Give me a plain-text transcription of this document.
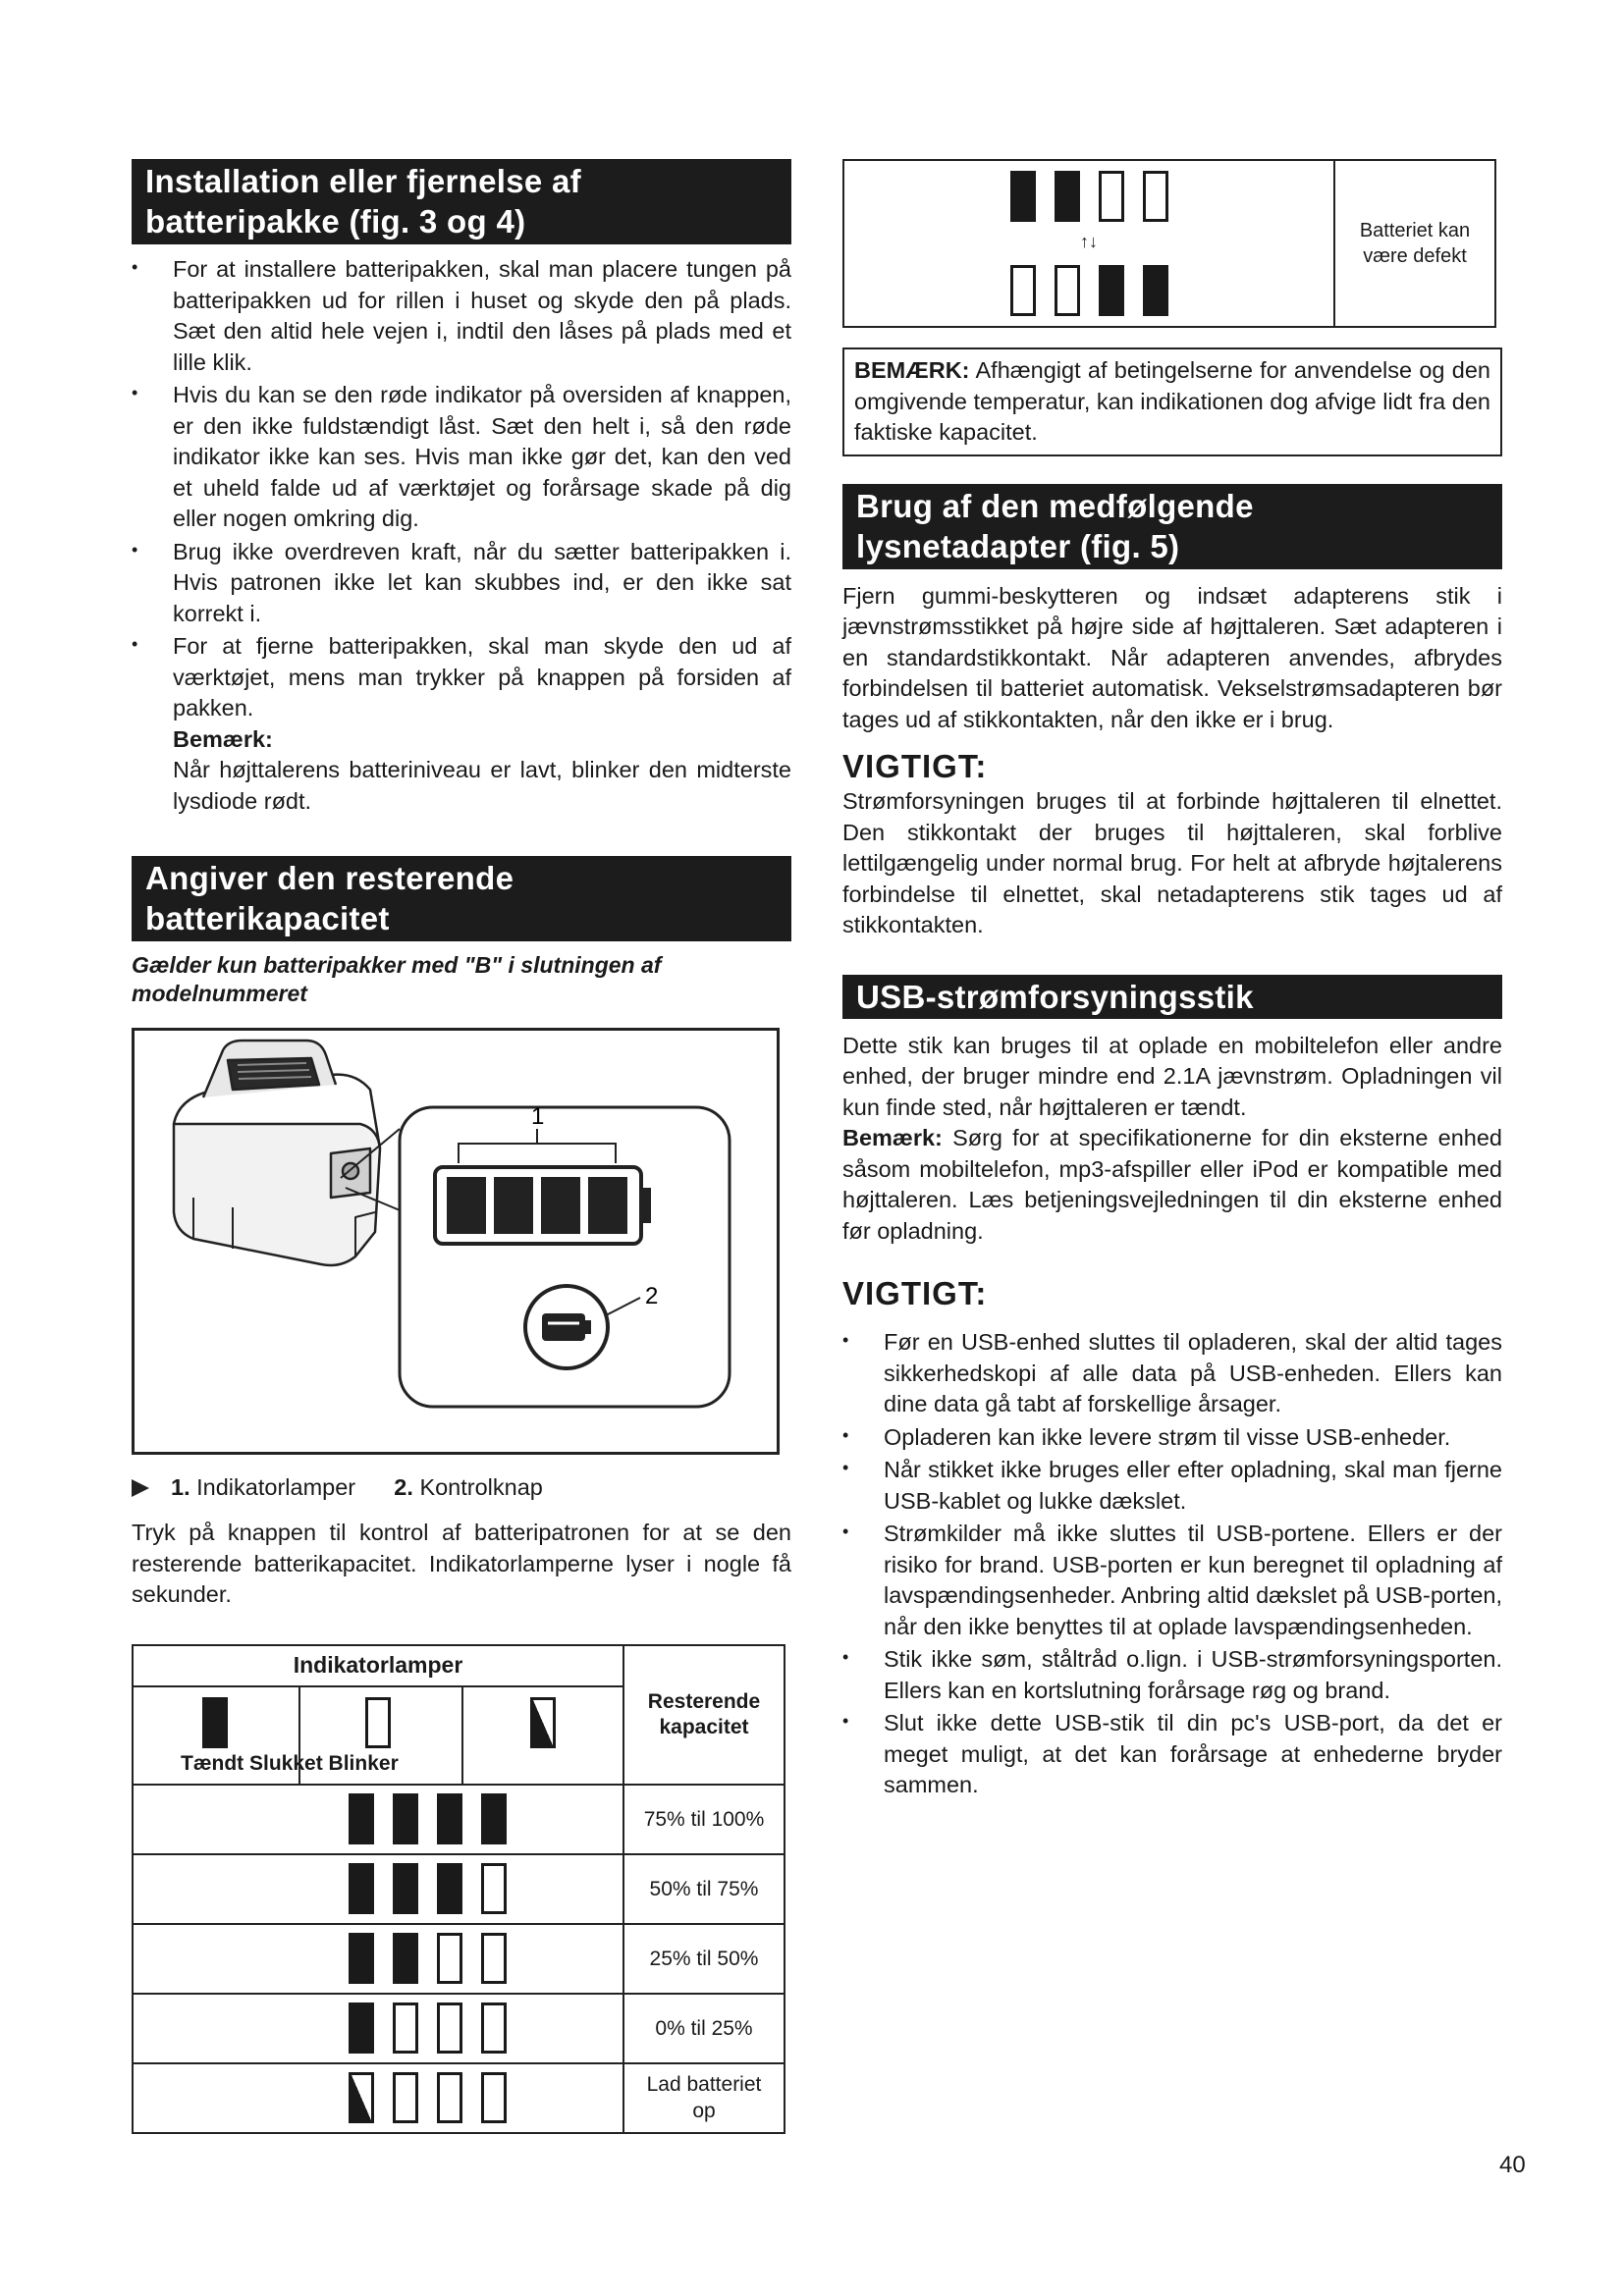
Installation eller fjernelse af
batteripakke (fig. 3 og 4)
• For at installere batteripakken, skal man placere tungen på batteripakken ud for rillen i huset og skyde den på plads. Sæt den altid hele vejen i, indtil den låses på plads med et lille klik.
• Hvis du kan se den røde indikator på oversiden af knappen, er den ikke fuldstændigt låst. Sæt den helt i, så den røde indikator ikke kan ses. Hvis man ikke gør det, kan den ved et uheld falde ud af værktøjet og forårsage skade på dig eller nogen omkring dig.
• Brug ikke overdreven kraft, når du sætter batteripakken i. Hvis patronen ikke let kan skubbes ind, er den ikke sat korrekt i.
• For at fjerne batteripakken, skal man skyde den ud af værktøjet, mens man trykker på knappen på forsiden af pakken.
Bemærk:
Når højttalerens batteriniveau er lavt, blinker den midterste lysdiode rødt.
Angiver den resterende
batterikapacitet
Gælder kun batteripakker med "B" i slutningen af modelnummeret
1
2
1. Indikatorlamper 2. Kontrolknap
Tryk på knappen til kontrol af batteripatronen for at se den resterende batterikapacitet. Indikatorlamperne lyser i nogle få sekunder.
Indikatorlamper	Resterende kapacitet

Tændt Slukket Blinker	

	75% til 100%

	50% til 75%

	25% til 50%

	0% til 25%

	Lad batteriet op
↑↓	Batteriet kan være defekt
BEMÆRK: Afhængigt af betingelserne for anvendelse og den omgivende temperatur, kan indikationen dog afvige lidt fra den faktiske kapacitet.
Brug af den medfølgende
lysnetadapter (fig. 5)
Fjern gummi-beskytteren og indsæt adapterens stik i jævnstrømsstikket på højre side af højttaleren. Sæt adapteren i en standardstikkontakt. Når adapteren anvendes, afbrydes forbindelsen til batteriet automatisk. Vekselstrømsadapteren bør tages ud af stikkontakten, når den ikke er i brug.
VIGTIGT:
Strømforsyningen bruges til at forbinde højttaleren til elnettet. Den stikkontakt der bruges til højttaleren, skal forblive lettilgængelig under normal brug. For helt at afbryde højtalerens forbindelse til elnettet, skal netadapterens stik tages ud af stikkontakten.
USB-strømforsyningsstik
Dette stik kan bruges til at oplade en mobiltelefon eller andre enhed, der bruger mindre end 2.1A jævnstrøm. Opladningen vil kun finde sted, når højttaleren er tændt.
Bemærk: Sørg for at specifikationerne for din eksterne enhed såsom mobiltelefon, mp3-afspiller eller iPod er kompatible med højttaleren. Læs betjeningsvejledningen til din eksterne enhed før opladning.
VIGTIGT:
• Før en USB-enhed sluttes til opladeren, skal der altid tages sikkerhedskopi af alle data på USB-enheden. Ellers kan dine data gå tabt af forskellige årsager.
• Opladeren kan ikke levere strøm til visse USB-enheder.
• Når stikket ikke bruges eller efter opladning, skal man fjerne USB-kablet og lukke dækslet.
• Strømkilder må ikke sluttes til USB-portene. Ellers er der risiko for brand. USB-porten er kun beregnet til opladning af lavspændingsenheder. Anbring altid dækslet på USB-porten, når den ikke benyttes til at oplade lavspændingsenheden.
• Stik ikke søm, ståltråd o.lign. i USB-strømforsyningsporten. Ellers kan en kortslutning forårsage røg og brand.
• Slut ikke dette USB-stik til din pc's USB-port, da det er meget muligt, at det kan forårsage at enhederne bryder sammen.
40
